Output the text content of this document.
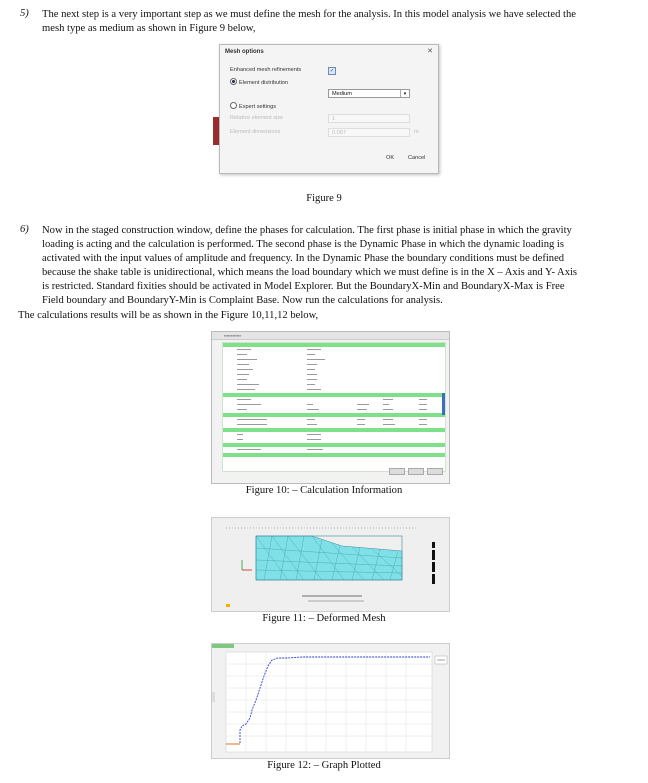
5) The next step is a very important step as we must define the mesh for the analysis. In this model analysis we have selected the
mesh type as medium as shown in Figure 9 below,
Mesh options	✕
Enhanced mesh refinements	✓
Element distribution
Medium	▾
Expert settings
Relative element size	1
Element dimensions	0.067	m
OK Cancel
Figure 9
6) Now in the staged construction window, define the phases for calculation. The first phase is initial phase in which the gravity
loading is acting and the calculation is performed. The second phase is the Dynamic Phase in which the dynamic loading is
activated with the input values of amplitude and frequency. In the Dynamic Phase the boundary conditions must be defined
because the shake table is unidirectional, which means the load boundary which we must define is in the X – Axis and Y- Axis
is restricted. Standard fixities should be activated in Model Explorer. But the BoundaryX-Min and BoundaryX-Max is Free
Field boundary and BoundaryY-Min is Complaint Base. Now run the calculations for analysis.
The calculations results will be as shown in the Figure 10,11,12 below,
▪▪▪▪▪▪▪▪▪▪▪▪
Figure 10: – Calculation Information
·	·	·	·	·	·	·	·
Figure 11: – Deformed Mesh
Figure 12: – Graph Plotted
